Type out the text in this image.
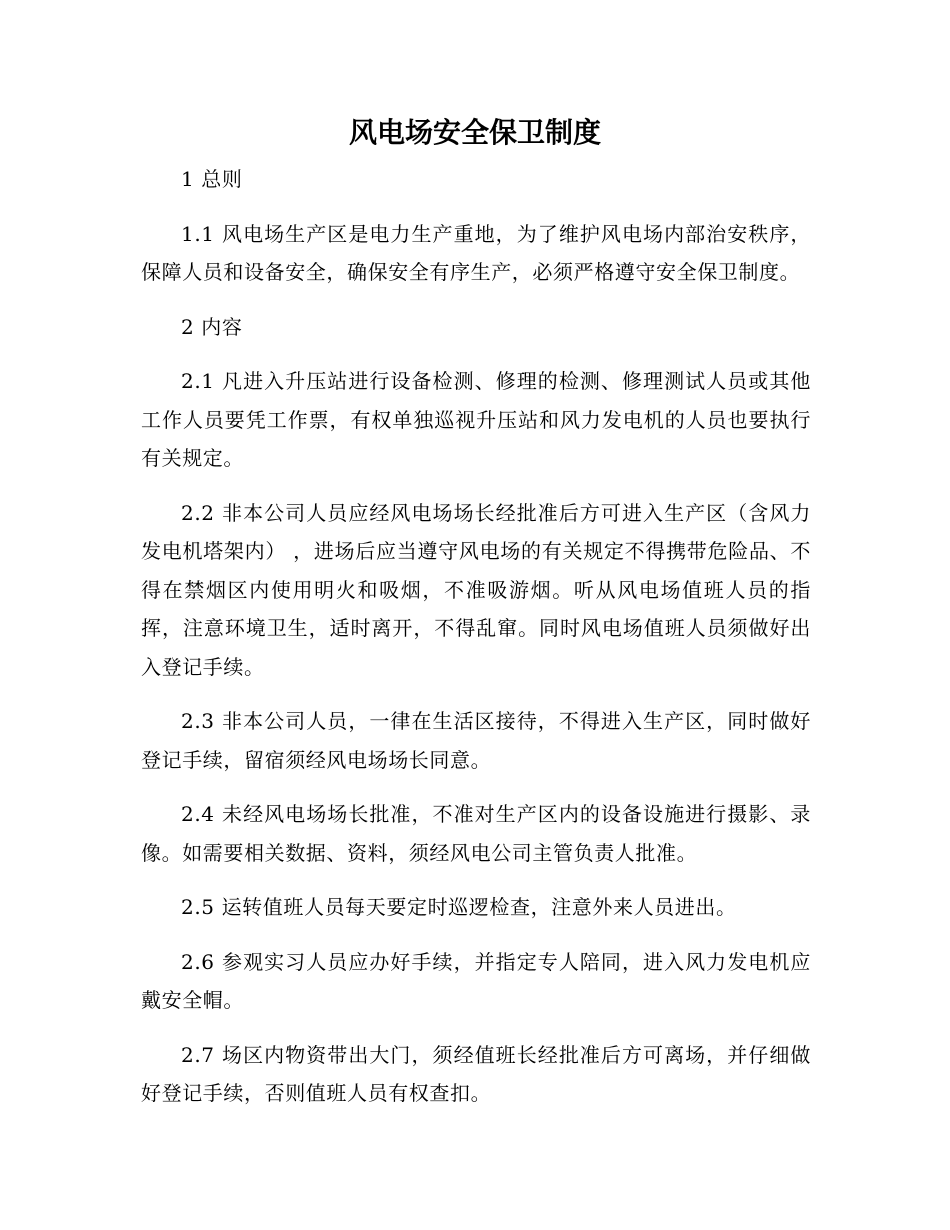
风电场安全保卫制度

1 总则

1.1 风电场生产区是电力生产重地，为了维护风电场内部治安秩序，保障人员和设备安全，确保安全有序生产，必须严格遵守安全保卫制度。

2 内容

2.1 凡进入升压站进行设备检测、修理的检测、修理测试人员或其他工作人员要凭工作票，有权单独巡视升压站和风力发电机的人员也要执行有关规定。

2.2 非本公司人员应经风电场场长经批准后方可进入生产区（含风力发电机塔架内） ，进场后应当遵守风电场的有关规定不得携带危险品、不得在禁烟区内使用明火和吸烟，不准吸游烟。听从风电场值班人员的指挥，注意环境卫生，适时离开，不得乱窜。同时风电场值班人员须做好出入登记手续。

2.3 非本公司人员，一律在生活区接待，不得进入生产区，同时做好登记手续，留宿须经风电场场长同意。

2.4 未经风电场场长批准，不准对生产区内的设备设施进行摄影、录像。如需要相关数据、资料，须经风电公司主管负责人批准。

2.5 运转值班人员每天要定时巡逻检查，注意外来人员进出。

2.6 参观实习人员应办好手续，并指定专人陪同，进入风力发电机应戴安全帽。

2.7 场区内物资带出大门，须经值班长经批准后方可离场，并仔细做好登记手续，否则值班人员有权查扣。
